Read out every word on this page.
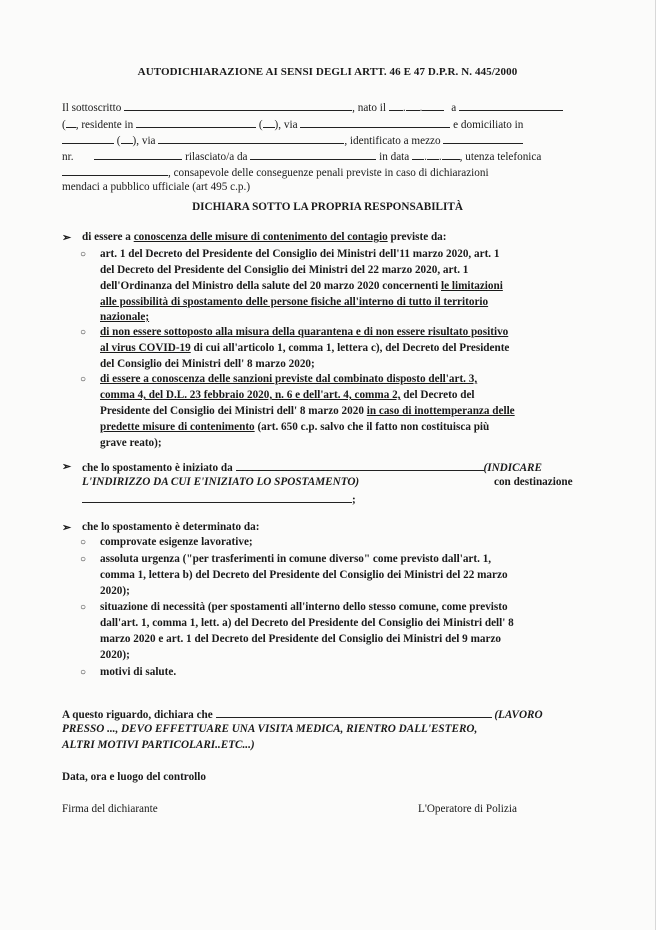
AUTODICHIARAZIONE AI SENSI DEGLI ARTT. 46 E 47 D.P.R. N. 445/2000
Il sottoscritto	, nato il . .	a
( , residente in	( ), via	e domiciliato in
( ), via	, identificato a mezzo
nr.	rilasciato/a da	in data . . , utenza telefonica
, consapevole delle conseguenze penali previste in caso di dichiarazioni
mendaci a pubblico ufficiale (art 495 c.p.)
DICHIARA SOTTO LA PROPRIA RESPONSABILITÀ
➢ di essere a conoscenza delle misure di contenimento del contagio previste da:
○ art. 1 del Decreto del Presidente del Consiglio dei Ministri dell'11 marzo 2020, art. 1
del Decreto del Presidente del Consiglio dei Ministri del 22 marzo 2020, art. 1
dell'Ordinanza del Ministro della salute del 20 marzo 2020 concernenti le limitazioni
alle possibilità di spostamento delle persone fisiche all'interno di tutto il territorio
nazionale;
○ di non essere sottoposto alla misura della quarantena e di non essere risultato positivo
al virus COVID-19 di cui all'articolo 1, comma 1, lettera c), del Decreto del Presidente
del Consiglio dei Ministri dell' 8 marzo 2020;
○ di essere a conoscenza delle sanzioni previste dal combinato disposto dell'art. 3,
comma 4, del D.L. 23 febbraio 2020, n. 6 e dell'art. 4, comma 2, del Decreto del
Presidente del Consiglio dei Ministri dell' 8 marzo 2020 in caso di inottemperanza delle
predette misure di contenimento (art. 650 c.p. salvo che il fatto non costituisca più
grave reato);
➢ che lo spostamento è iniziato da	(INDICARE
L'INDIRIZZO DA CUI E'INIZIATO LO SPOSTAMENTO)	con destinazione
;
➢ che lo spostamento è determinato da:
○ comprovate esigenze lavorative;
○ assoluta urgenza ("per trasferimenti in comune diverso" come previsto dall'art. 1,
comma 1, lettera b) del Decreto del Presidente del Consiglio dei Ministri del 22 marzo
2020);
○ situazione di necessità (per spostamenti all'interno dello stesso comune, come previsto
dall'art. 1, comma 1, lett. a) del Decreto del Presidente del Consiglio dei Ministri dell' 8
marzo 2020 e art. 1 del Decreto del Presidente del Consiglio dei Ministri del 9 marzo
2020);
○ motivi di salute.
A questo riguardo, dichiara che	(LAVORO
PRESSO ..., DEVO EFFETTUARE UNA VISITA MEDICA, RIENTRO DALL'ESTERO,
ALTRI MOTIVI PARTICOLARI..ETC...)
Data, ora e luogo del controllo
Firma del dichiarante	L'Operatore di Polizia
